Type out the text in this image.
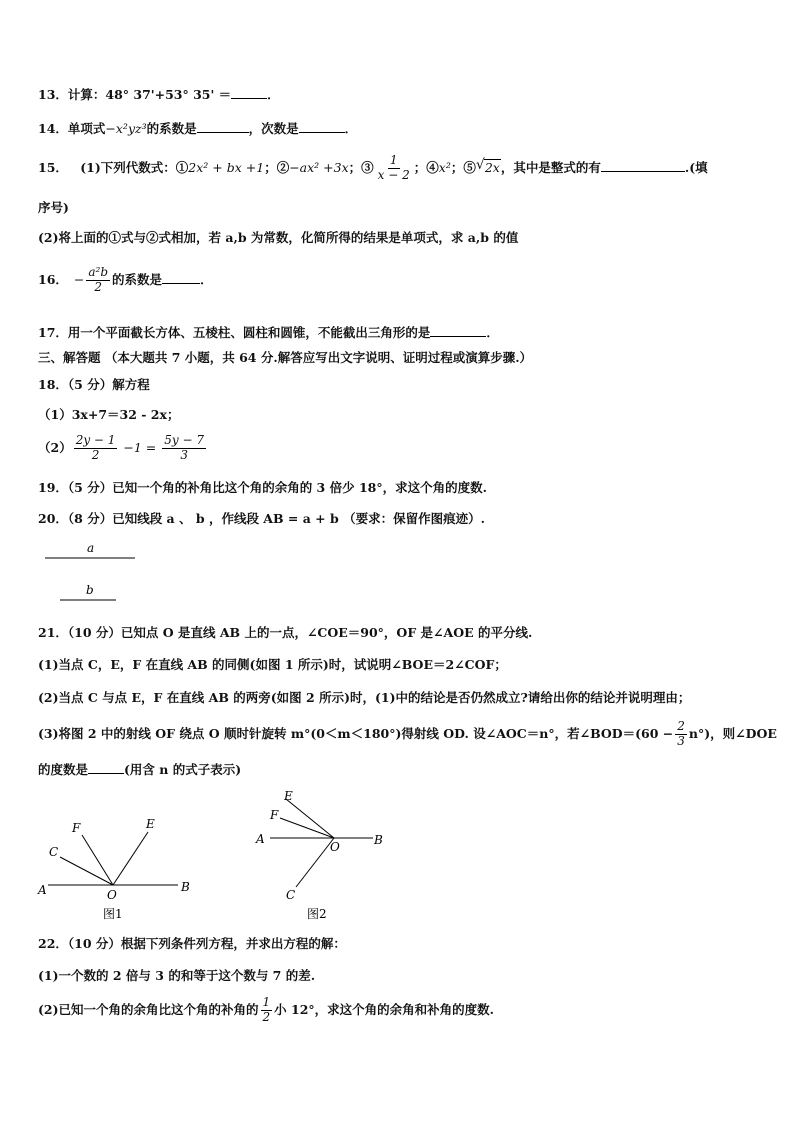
13．计算：48° 37'+53° 35' ＝	．
14．单项式−x²yz³的系数是	，次数是	．
15． (1)下列代数式：①2x² + bx +1；②−ax² +3x；③ $\frac{1}{x - 2}$ ；④x²；⑤ √ 2x，其中是整式的有	.(填
序号)
(2)将上面的①式与②式相加，若 a,b 为常数，化简所得的结果是单项式，求 a,b 的值
16． − $\frac{\text{a²b}}{2}$ 的系数是	．
17．用一个平面截长方体、五棱柱、圆柱和圆锥，不能截出三角形的是	．
三、解答题 （本大题共 7 小题，共 64 分.解答应写出文字说明、证明过程或演算步骤.）
18．（5 分）解方程
（1）3x+7＝32 - 2x；
$(2) \frac{2y - 1}{2} -1 = \frac{5y - 7}{3}$
19．（5 分）已知一个角的补角比这个角的余角的 3 倍少 18°，求这个角的度数.
20．（8 分）已知线段 a 、 b ，作线段 AB = a + b （要求：保留作图痕迹）.
a
b
21．（10 分）已知点 O 是直线 AB 上的一点，∠COE＝90°，OF 是∠AOE 的平分线.
(1)当点 C，E，F 在直线 AB 的同侧(如图 1 所示)时，试说明∠BOE＝2∠COF；
(2)当点 C 与点 E，F 在直线 AB 的两旁(如图 2 所示)时，(1)中的结论是否仍然成立?请给出你的结论并说明理由；
(3)将图 2 中的射线 OF 绕点 O 顺时针旋转 m°(0＜m＜180°)得射线 OD. 设∠AOC＝n°，若∠BOD＝(60 − $\frac{2}{3} n^\circ$)，则∠DOE
的度数是	(用含 n 的式子表示)
A	B
C
F	E
O
图1
A	B
E
F
O
C
图2
22．（10 分）根据下列条件列方程，并求出方程的解：
(1)一个数的 2 倍与 3 的和等于这个数与 7 的差.
(2)已知一个角的余角比这个角的补角的 $\frac{1}{2}$ 小 12°，求这个角的余角和补角的度数.
